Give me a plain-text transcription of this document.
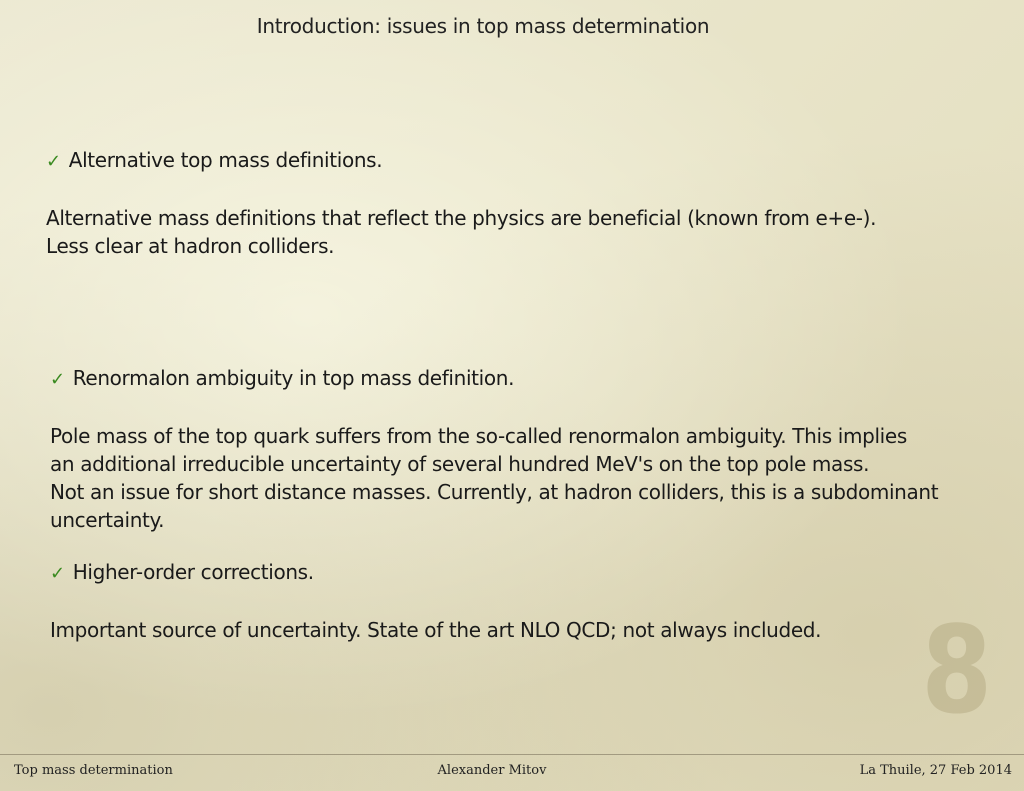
Introduction: issues in top mass determination
✓ Alternative top mass definitions.
Alternative mass definitions that reflect the physics are beneficial (known from e+e-).
Less clear at hadron colliders.
✓ Renormalon ambiguity in top mass definition.
Pole mass of the top quark suffers from the so-called renormalon ambiguity. This implies
an additional irreducible uncertainty of several hundred MeV's on the top pole mass.
Not an issue for short distance masses. Currently, at hadron colliders, this is a subdominant
uncertainty.
✓ Higher-order corrections.
Important source of uncertainty. State of the art NLO QCD; not always included. 8
Top mass determination	Alexander Mitov	La Thuile, 27 Feb 2014
